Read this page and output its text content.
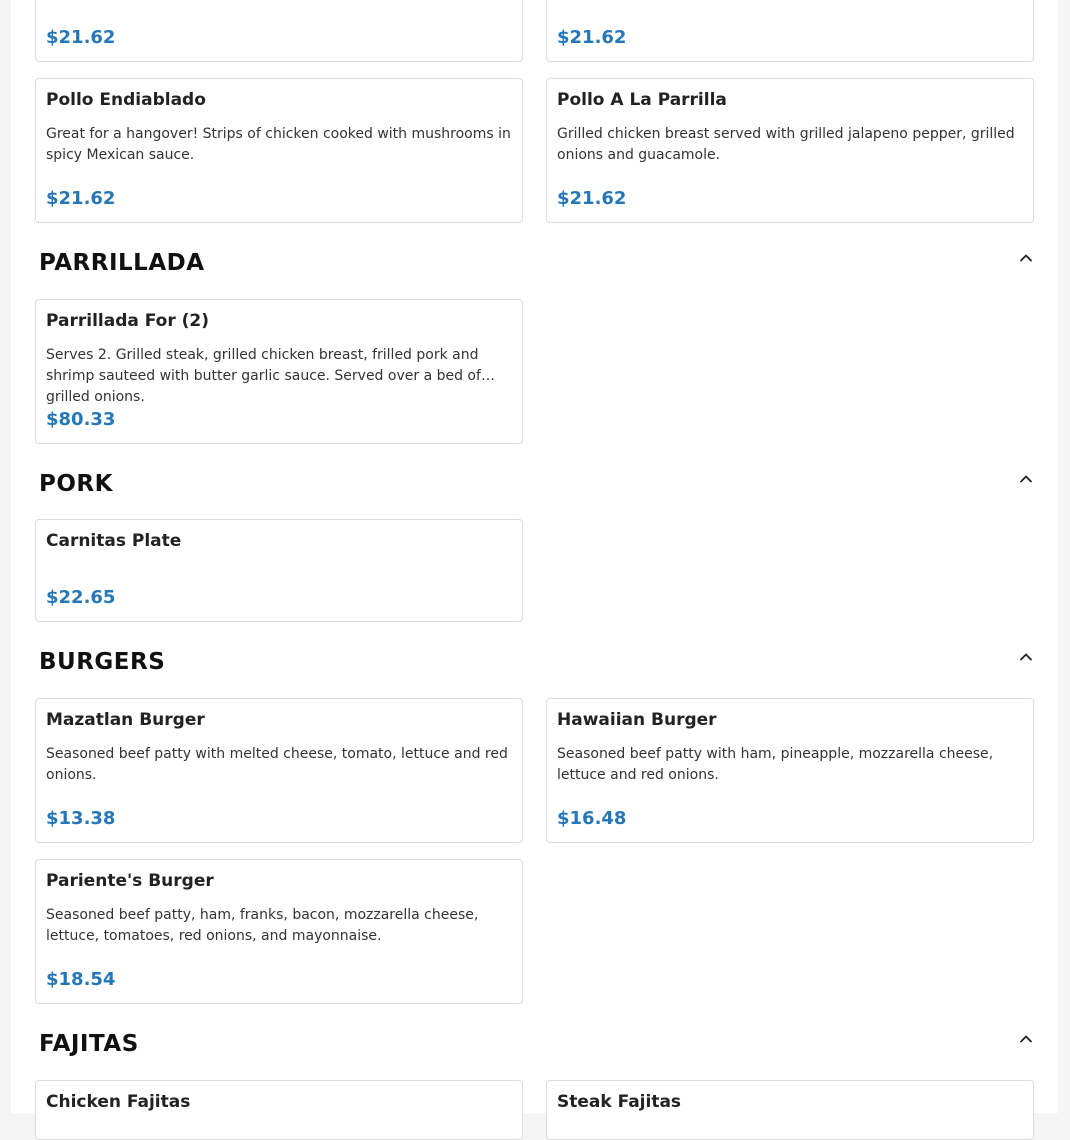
$21.62	$21.62
Pollo Endiablado
Great for a hangover! Strips of chicken cooked with mushrooms in spicy Mexican sauce.
$21.62
Pollo A La Parrilla
Grilled chicken breast served with grilled jalapeno pepper, grilled onions and guacamole.
$21.62
PARRILLADA
Parrillada For (2)
Serves 2. Grilled steak, grilled chicken breast, frilled pork and shrimp sauteed with butter garlic sauce. Served over a bed of grilled onions.
$80.33
PORK
Carnitas Plate
$22.65
BURGERS
Mazatlan Burger
Seasoned beef patty with melted cheese, tomato, lettuce and red onions.
$13.38
Hawaiian Burger
Seasoned beef patty with ham, pineapple, mozzarella cheese, lettuce and red onions.
$16.48
Pariente's Burger
Seasoned beef patty, ham, franks, bacon, mozzarella cheese, lettuce, tomatoes, red onions, and mayonnaise.
$18.54
FAJITAS
Chicken Fajitas	Steak Fajitas
